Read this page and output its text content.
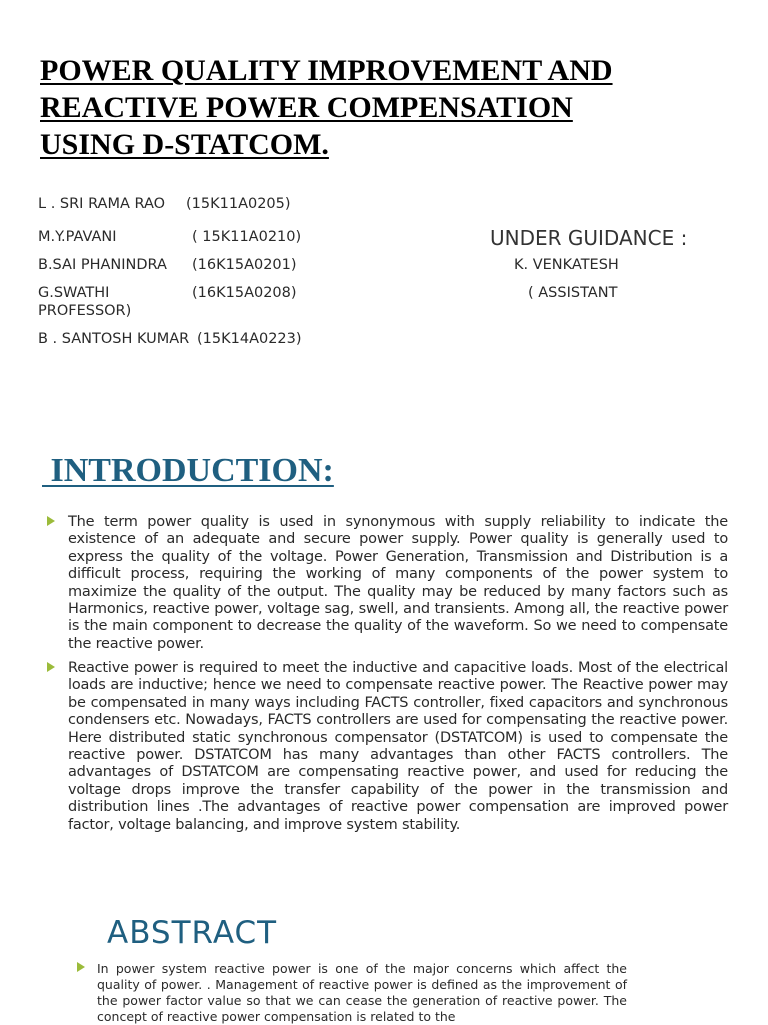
POWER QUALITY IMPROVEMENT AND
REACTIVE POWER COMPENSATION
USING D-STATCOM.
L . SRI RAMA RAO (15K11A0205)
M.Y.PAVANI	( 15K11A0210)
B.SAI PHANINDRA (16K15A0201)
G.SWATHI	(16K15A0208)
B . SANTOSH KUMAR (15K14A0223)
UNDER GUIDANCE :
K. VENKATESH
( ASSISTANT
PROFESSOR)
INTRODUCTION:

The term power quality is used in synonymous with supply reliability to indicate the existence of an adequate and secure power supply. Power quality is generally used to express the quality of the voltage. Power Generation, Transmission and Distribution is a difficult process, requiring the working of many components of the power system to maximize the quality of the output. The quality may be reduced by many factors such as Harmonics, reactive power, voltage sag, swell, and transients. Among all, the reactive power is the main component to decrease the quality of the waveform. So we need to compensate the reactive power.

Reactive power is required to meet the inductive and capacitive loads. Most of the electrical loads are inductive; hence we need to compensate reactive power. The Reactive power may be compensated in many ways including FACTS controller, fixed capacitors and synchronous condensers etc. Nowadays, FACTS controllers are used for compensating the reactive power. Here distributed static synchronous compensator (DSTATCOM) is used to compensate the reactive power. DSTATCOM has many advantages than other FACTS controllers. The advantages of DSTATCOM are compensating reactive power, and used for reducing the voltage drops improve the transfer capability of the power in the transmission and distribution lines .The advantages of reactive power compensation are improved power factor, voltage balancing, and improve system stability.

ABSTRACT

In power system reactive power is one of the major concerns which affect the quality of power. . Management of reactive power is defined as the improvement of the power factor value so that we can cease the generation of reactive power. The concept of reactive power compensation is related to the
